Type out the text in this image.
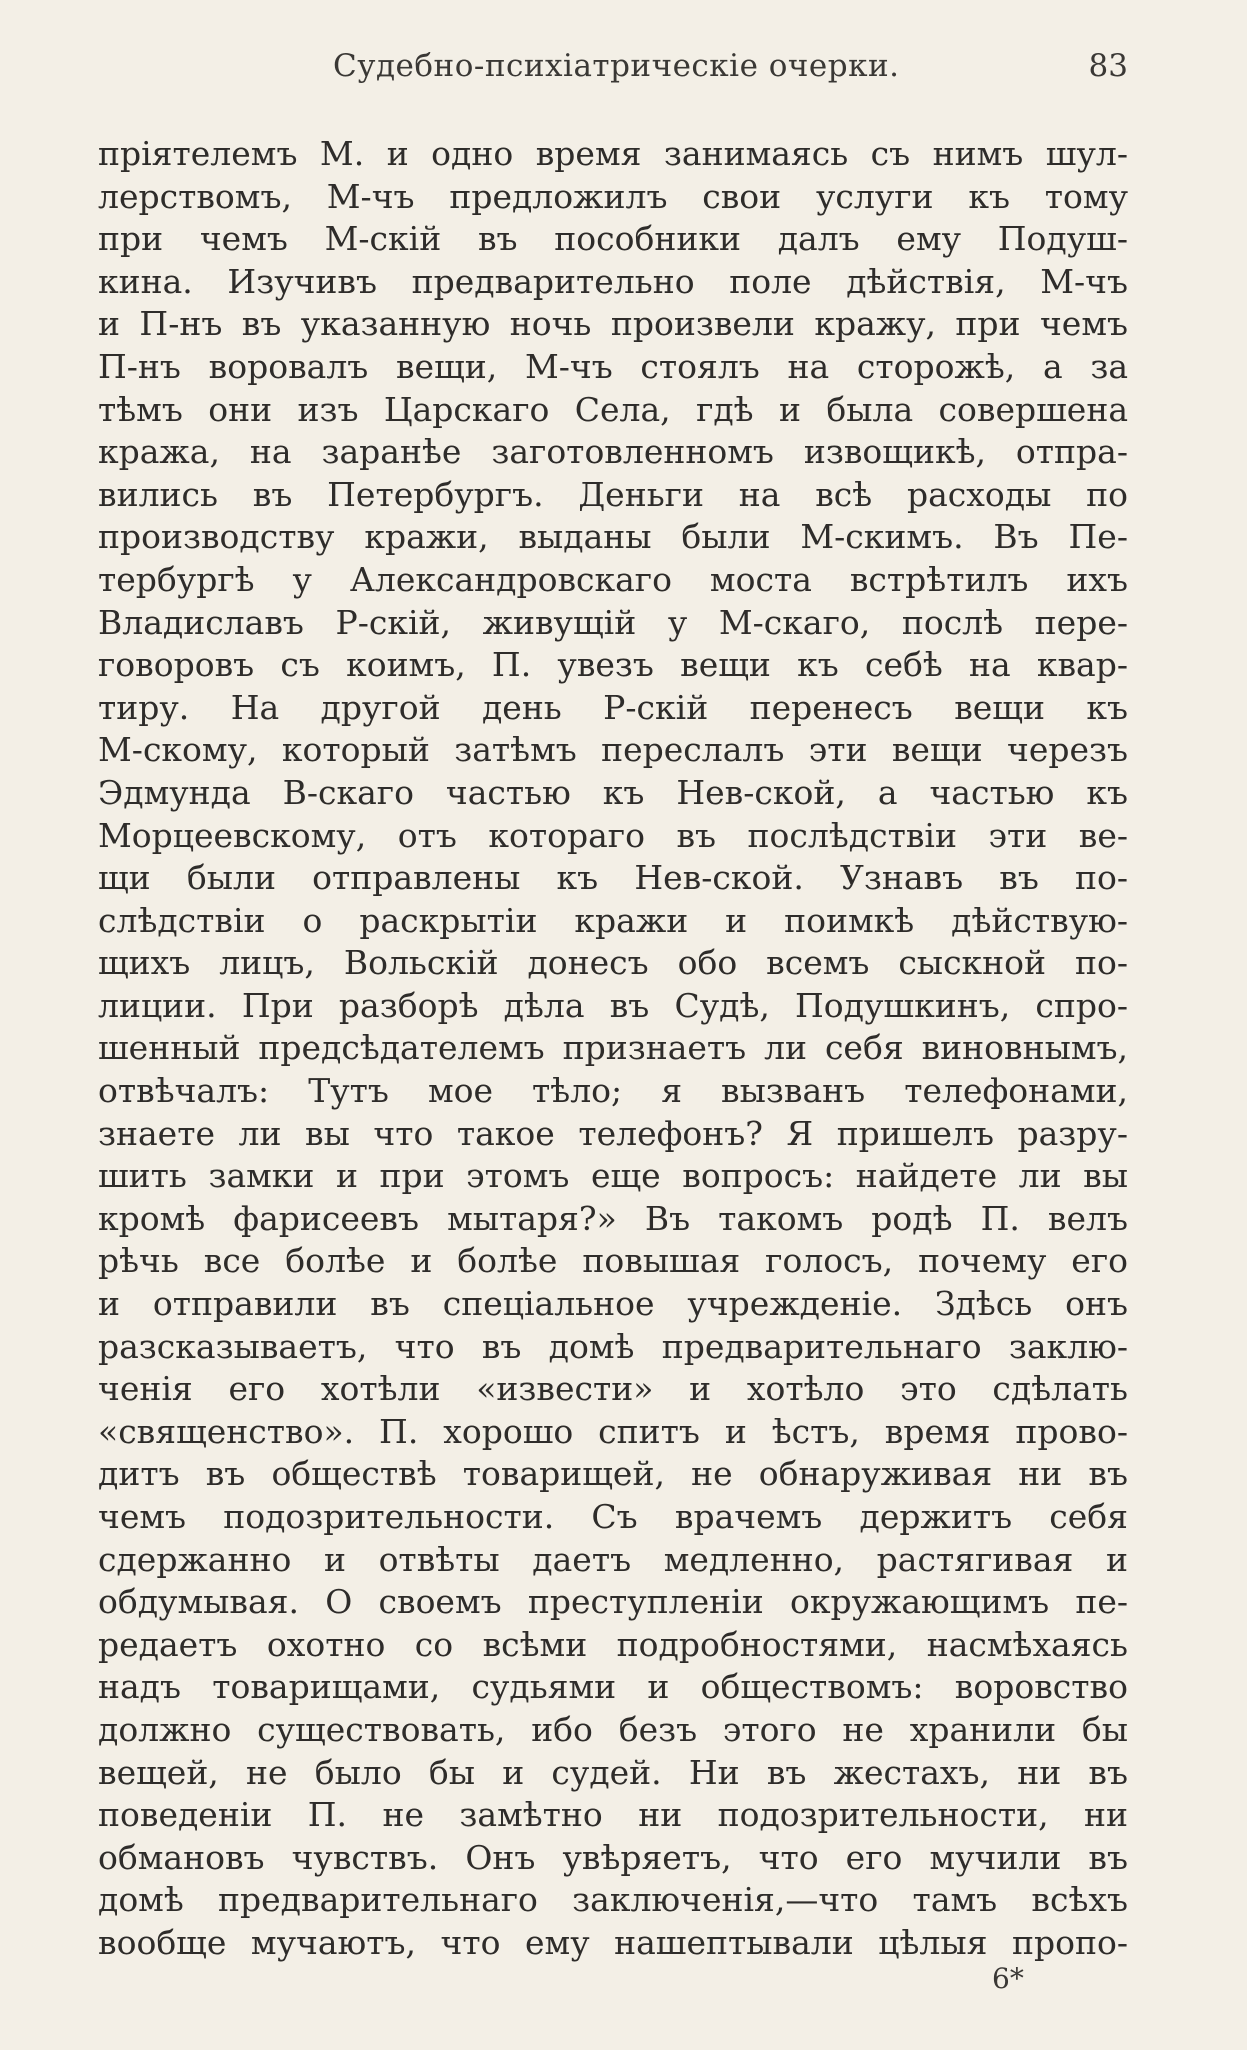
Судебно-психіатрическіе очерки.	83
пріятелемъ М. и одно время занимаясь съ нимъ шул-
лерствомъ, М-чъ предложилъ свои услуги къ тому
при чемъ М-скій въ пособники далъ ему Подуш-
кина. Изучивъ предварительно поле дѣйствія, М-чъ
и П-нъ въ указанную ночь произвели кражу, при чемъ
П-нъ воровалъ вещи, М-чъ стоялъ на сторожѣ, а за
тѣмъ они изъ Царскаго Села, гдѣ и была совершена
кража, на заранѣе заготовленномъ извощикѣ, отпра-
вились въ Петербургъ. Деньги на всѣ расходы по
производству кражи, выданы были М-скимъ. Въ Пе-
тербургѣ у Александровскаго моста встрѣтилъ ихъ
Владиславъ Р-скій, живущій у М-скаго, послѣ пере-
говоровъ съ коимъ, П. увезъ вещи къ себѣ на квар-
тиру. На другой день Р-скій перенесъ вещи къ
М-скому, который затѣмъ переслалъ эти вещи черезъ
Эдмунда В-скаго частью къ Нев-ской, а частью къ
Морцеевскому, отъ котораго въ послѣдствіи эти ве-
щи были отправлены къ Нев-ской. Узнавъ въ по-
слѣдствіи о раскрытіи кражи и поимкѣ дѣйствую-
щихъ лицъ, Вольскій донесъ обо всемъ сыскной по-
лиции. При разборѣ дѣла въ Судѣ, Подушкинъ, спро-
шенный предсѣдателемъ признаетъ ли себя виновнымъ,
отвѣчалъ: Тутъ мое тѣло; я вызванъ телефонами,
знаете ли вы что такое телефонъ? Я пришелъ разру-
шить замки и при этомъ еще вопросъ: найдете ли вы
кромѣ фарисеевъ мытаря?» Въ такомъ родѣ П. велъ
рѣчь все болѣе и болѣе повышая голосъ, почему его
и отправили въ спеціальное учрежденіе. Здѣсь онъ
разсказываетъ, что въ домѣ предварительнаго заклю-
ченія его хотѣли «извести» и хотѣло это сдѣлать
«священство». П. хорошо спитъ и ѣстъ, время прово-
дитъ въ обществѣ товарищей, не обнаруживая ни въ
чемъ подозрительности. Съ врачемъ держитъ себя
сдержанно и отвѣты даетъ медленно, растягивая и
обдумывая. О своемъ преступленіи окружающимъ пе-
редаетъ охотно со всѣми подробностями, насмѣхаясь
надъ товарищами, судьями и обществомъ: воровство
должно существовать, ибо безъ этого не хранили бы
вещей, не было бы и судей. Ни въ жестахъ, ни въ
поведеніи П. не замѣтно ни подозрительности, ни
обмановъ чувствъ. Онъ увѣряетъ, что его мучили въ
домѣ предварительнаго заключенія,—что тамъ всѣхъ
вообще мучаютъ, что ему нашептывали цѣлыя пропо-
6*
